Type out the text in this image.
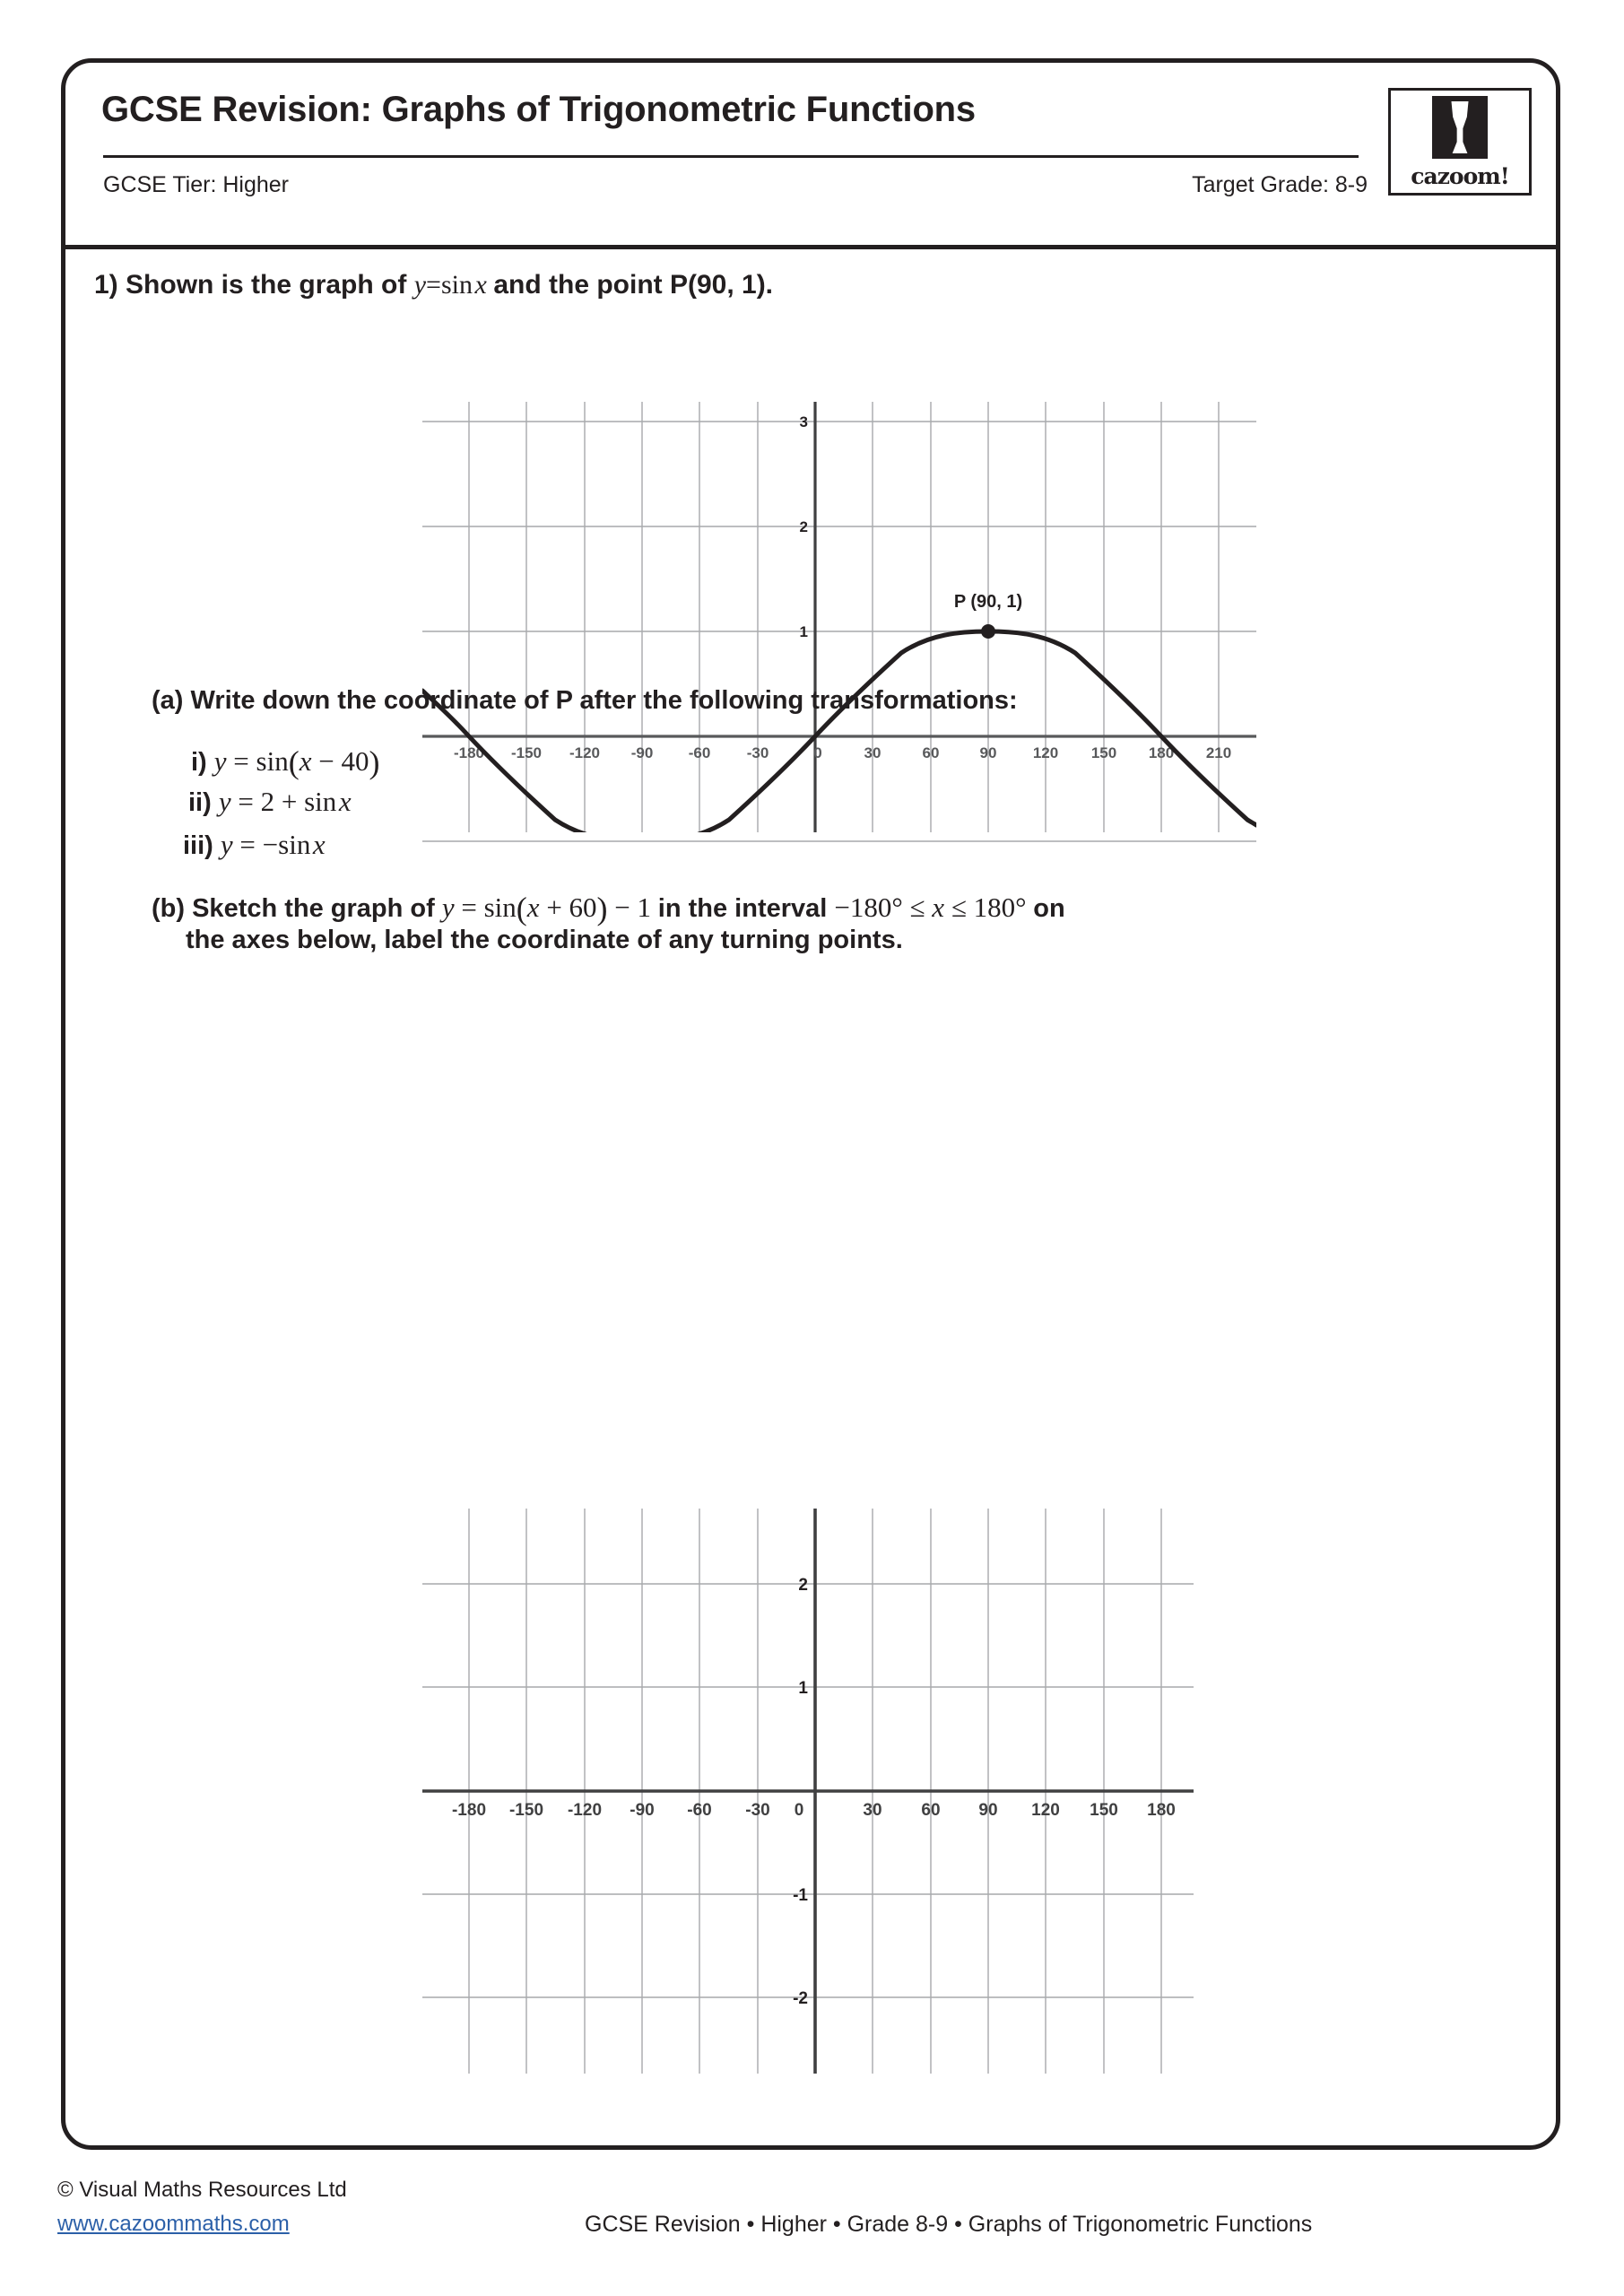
GCSE Revision: Graphs of Trigonometric Functions
GCSE Tier: Higher	Target Grade: 8-9	cazoom!
1) Shown is the graph of y=sin x and the point P(90, 1).
3
2
1
-180 -150 -120 -90 -60 -30	0	30	60	90 120 150 180 210
P (90, 1)
2
1
-1
-2
-180 -150 -120 -90 -60 -30 0	30 60 90 120 150 180
(a) Write down the coordinate of P after the following transformations:
i) y = sin(x − 40)
ii) y = 2 + sin x
iii) y = −sin x
(b) Sketch the graph of y = sin(x + 60) − 1 in the interval −180° ≤ x ≤ 180° on
the axes below, label the coordinate of any turning points.
© Visual Maths Resources Ltd
www.cazoommaths.com	GCSE Revision • Higher • Grade 8-9 • Graphs of Trigonometric Functions
